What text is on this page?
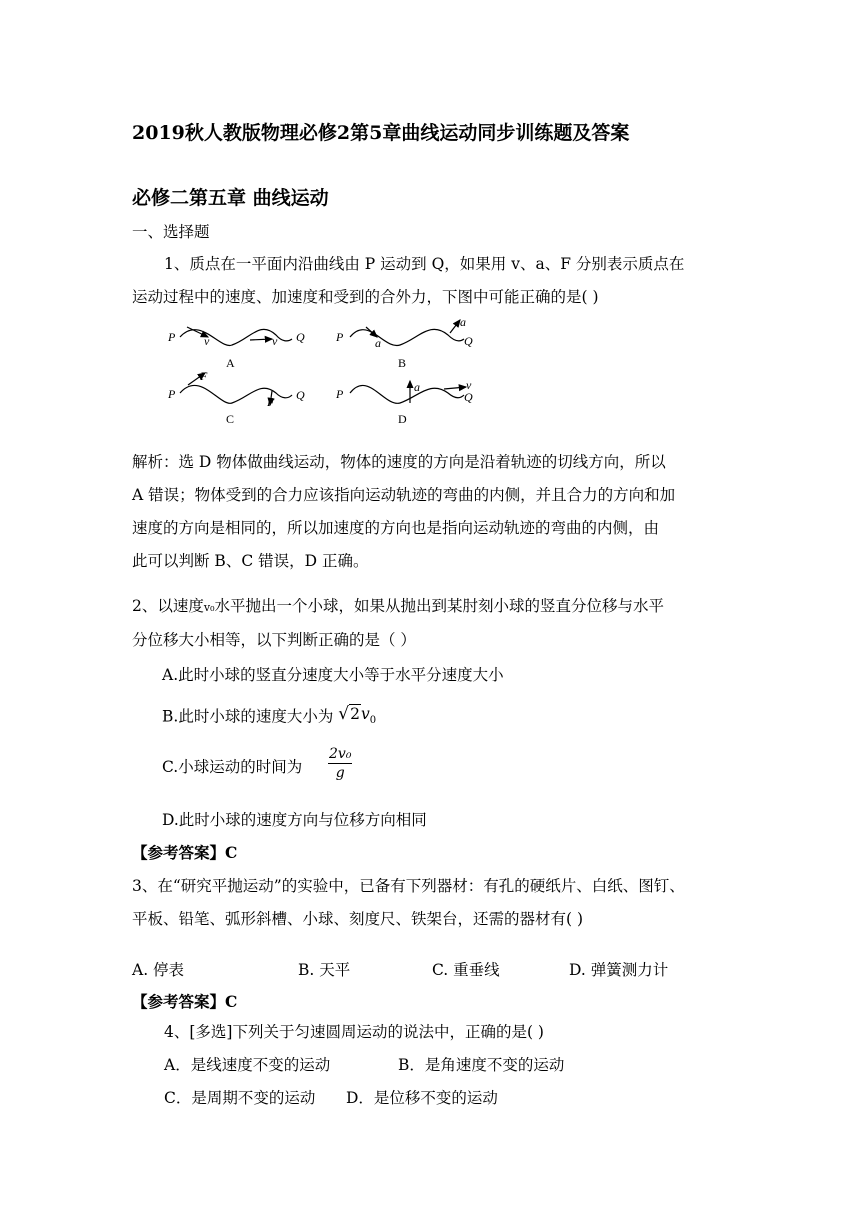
2019秋人教版物理必修2第5章曲线运动同步训练题及答案
必修二第五章 曲线运动
一、选择题
1、质点在一平面内沿曲线由 P 运动到 Q，如果用 v、a、F 分别表示质点在
运动过程中的速度、加速度和受到的合外力，下图中可能正确的是( )
P	Q
v	v	P	Q
a
a
P	Q
F
F
P	Q
a	v
A	B
C	D
解析：选 D 物体做曲线运动，物体的速度的方向是沿着轨迹的切线方向，所以
A 错误；物体受到的合力应该指向运动轨迹的弯曲的内侧，并且合力的方向和加
速度的方向是相同的，所以加速度的方向也是指向运动轨迹的弯曲的内侧，由
此可以判断 B、C 错误，D 正确。
2、以速度v₀水平抛出一个小球，如果从抛出到某肘刻小球的竖直分位移与水平
分位移大小相等，以下判断正确的是（ ）
A.此时小球的竖直分速度大小等于水平分速度大小
B.此时小球的速度大小为 $√2v_0$
C.小球运动的时间为
2v₀
g
D.此时小球的速度方向与位移方向相同
【参考答案】C
3、在“研究平抛运动”的实验中，已备有下列器材：有孔的硬纸片、白纸、图钉、
平板、铅笔、弧形斜槽、小球、刻度尺、铁架台，还需的器材有( )
A. 停表	B. 天平	C. 重垂线	D. 弹簧测力计
【参考答案】C
4、[多选]下列关于匀速圆周运动的说法中，正确的是( )
A．是线速度不变的运动	B．是角速度不变的运动
C．是周期不变的运动 D．是位移不变的运动
